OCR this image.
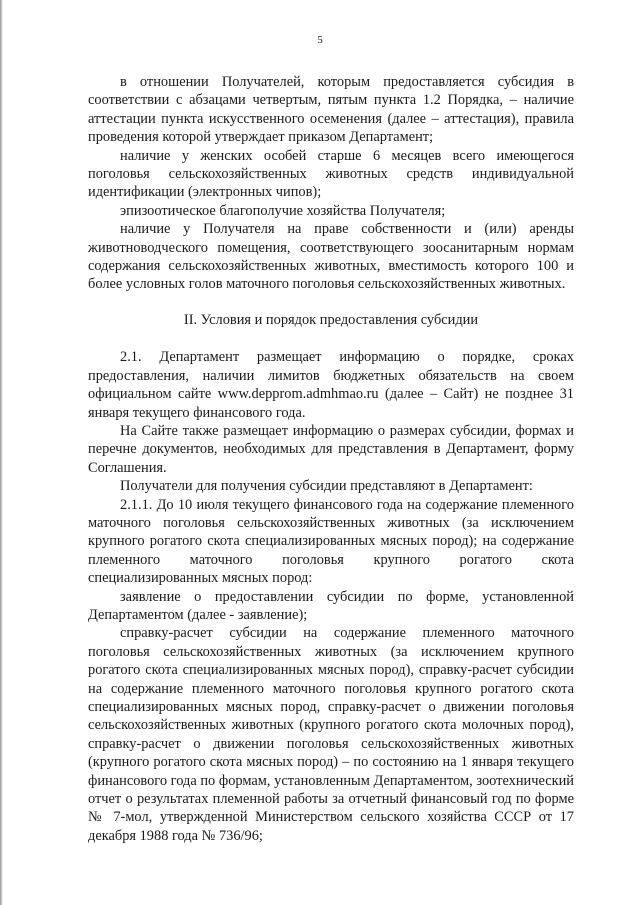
5

в отношении Получателей, которым предоставляется субсидия в соответствии с абзацами четвертым, пятым пункта 1.2 Порядка, – наличие аттестации пункта искусственного осеменения (далее – аттестация), правила проведения которой утверждает приказом Департамент;

наличие у женских особей старше 6 месяцев всего имеющегося поголовья сельскохозяйственных животных средств индивидуальной идентификации (электронных чипов);

эпизоотическое благополучие хозяйства Получателя;

наличие у Получателя на праве собственности и (или) аренды животноводческого помещения, соответствующего зоосанитарным нормам содержания сельскохозяйственных животных, вместимость которого 100 и более условных голов маточного поголовья сельскохозяйственных животных.

II. Условия и порядок предоставления субсидии

2.1. Департамент размещает информацию о порядке, сроках предоставления, наличии лимитов бюджетных обязательств на своем официальном сайте www.depprom.admhmao.ru (далее – Сайт) не позднее 31 января текущего финансового года.

На Сайте также размещает информацию о размерах субсидии, формах и перечне документов, необходимых для представления в Департамент, форму Соглашения.

Получатели для получения субсидии представляют в Департамент:

2.1.1. До 10 июля текущего финансового года на содержание племенного маточного поголовья сельскохозяйственных животных (за исключением крупного рогатого скота специализированных мясных пород); на содержание племенного маточного поголовья крупного рогатого скота специализированных мясных пород:

заявление о предоставлении субсидии по форме, установленной Департаментом (далее - заявление);

справку-расчет субсидии на содержание племенного маточного поголовья сельскохозяйственных животных (за исключением крупного рогатого скота специализированных мясных пород), справку-расчет субсидии на содержание племенного маточного поголовья крупного рогатого скота специализированных мясных пород, справку-расчет о движении поголовья сельскохозяйственных животных (крупного рогатого скота молочных пород), справку-расчет о движении поголовья сельскохозяйственных животных (крупного рогатого скота мясных пород) – по состоянию на 1 января текущего финансового года по формам, установленным Департаментом, зоотехнический отчет о результатах племенной работы за отчетный финансовый год по форме № 7-мол, утвержденной Министерством сельского хозяйства СССР от 17 декабря 1988 года № 736/96;
